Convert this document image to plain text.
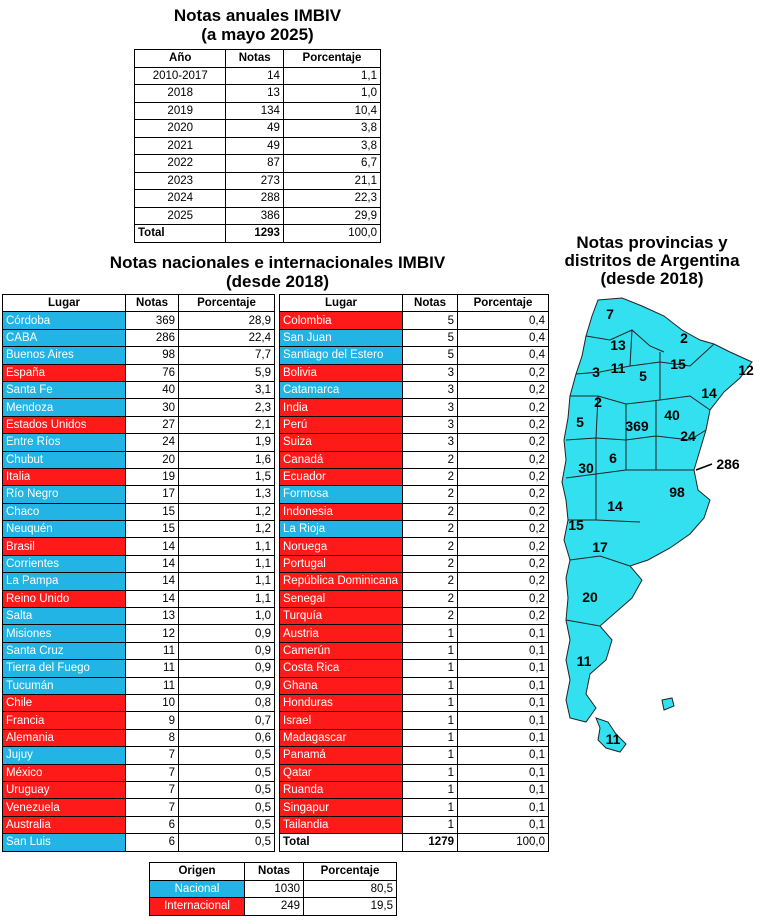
Notas anuales IMBIV
(a mayo 2025)
Año	Notas	Porcentaje
2010-2017	14	1,1
2018	13	1,0
2019	134	10,4
2020	49	3,8
2021	49	3,8
2022	87	6,7
2023	273	21,1
2024	288	22,3
2025	386	29,9
Total	1293	100,0
Notas nacionales e internacionales IMBIV
(desde 2018)
Lugar	Notas	Porcentaje
Córdoba	369	28,9
CABA	286	22,4
Buenos Aires	98	7,7
España	76	5,9
Santa Fe	40	3,1
Mendoza	30	2,3
Estados Unidos	27	2,1
Entre Ríos	24	1,9
Chubut	20	1,6
Italia	19	1,5
Río Negro	17	1,3
Chaco	15	1,2
Neuquén	15	1,2
Brasil	14	1,1
Corrientes	14	1,1
La Pampa	14	1,1
Reino Unido	14	1,1
Salta	13	1,0
Misiones	12	0,9
Santa Cruz	11	0,9
Tierra del Fuego	11	0,9
Tucumán	11	0,9
Chile	10	0,8
Francia	9	0,7
Alemania	8	0,6
Jujuy	7	0,5
México	7	0,5
Uruguay	7	0,5
Venezuela	7	0,5
Australia	6	0,5
San Luis	6	0,5
Lugar	Notas	Porcentaje
Colombia	5	0,4
San Juan	5	0,4
Santiago del Estero	5	0,4
Bolivia	3	0,2
Catamarca	3	0,2
India	3	0,2
Perú	3	0,2
Suiza	3	0,2
Canadá	2	0,2
Ecuador	2	0,2
Formosa	2	0,2
Indonesia	2	0,2
La Rioja	2	0,2
Noruega	2	0,2
Portugal	2	0,2
República Dominicana	2	0,2
Senegal	2	0,2
Turquía	2	0,2
Austria	1	0,1
Camerún	1	0,1
Costa Rica	1	0,1
Ghana	1	0,1
Honduras	1	0,1
Israel	1	0,1
Madagascar	1	0,1
Panamá	1	0,1
Qatar	1	0,1
Ruanda	1	0,1
Singapur	1	0,1
Tailandia	1	0,1
Total	1279	100,0
Origen	Notas	Porcentaje
Nacional	1030	80,5
Internacional	249	19,5
Notas provincias y
distritos de Argentina
(desde 2018)
7
2
13
3 11 5
15	12
2
14
5	40
369
24
6	286
30
98
14
15
17
20
11
11
